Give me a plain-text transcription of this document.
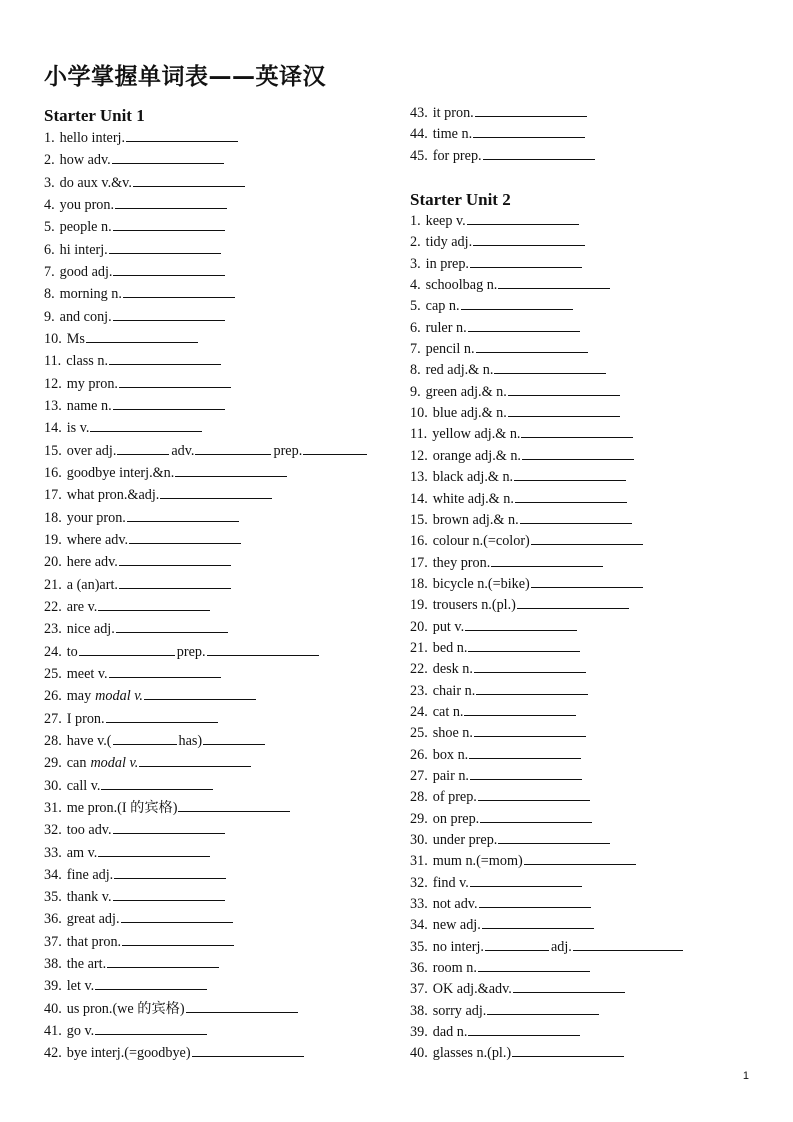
小学掌握单词表——英译汉
Starter Unit 1
1. hello interj.
2. how adv.
3. do aux v.&v.
4. you pron.
5. people n.
6. hi interj.
7. good adj.
8. morning n.
9. and conj.
10. Ms
11. class n.
12. my pron.
13. name n.
14. is v.
15. over adj.	adv.	prep.
16. goodbye interj.&n.
17. what pron.&adj.
18. your pron.
19. where adv.
20. here adv.
21. a (an)art.
22. are v.
23. nice adj.
24. to	prep.
25. meet v.
26. may modal v.
27. I pron.
28. have v.(	has)
29. can modal v.
30. call v.
31. me pron.(I 的宾格)
32. too adv.
33. am v.
34. fine adj.
35. thank v.
36. great adj.
37. that pron.
38. the art.
39. let v.
40. us pron.(we 的宾格)
41. go v.
42. bye interj.(=goodbye)
43. it pron.
44. time n.
45. for prep.
Starter Unit 2
1. keep v.
2. tidy adj.
3. in prep.
4. schoolbag n.
5. cap n.
6. ruler n.
7. pencil n.
8. red adj.& n.
9. green adj.& n.
10. blue adj.& n.
11. yellow adj.& n.
12. orange adj.& n.
13. black adj.& n.
14. white adj.& n.
15. brown adj.& n.
16. colour n.(=color)
17. they pron.
18. bicycle n.(=bike)
19. trousers n.(pl.)
20. put v.
21. bed n.
22. desk n.
23. chair n.
24. cat n.
25. shoe n.
26. box n.
27. pair n.
28. of prep.
29. on prep.
30. under prep.
31. mum n.(=mom)
32. find v.
33. not adv.
34. new adj.
35. no interj.	adj.
36. room n.
37. OK adj.&adv.
38. sorry adj.
39. dad n.
40. glasses n.(pl.)
1
